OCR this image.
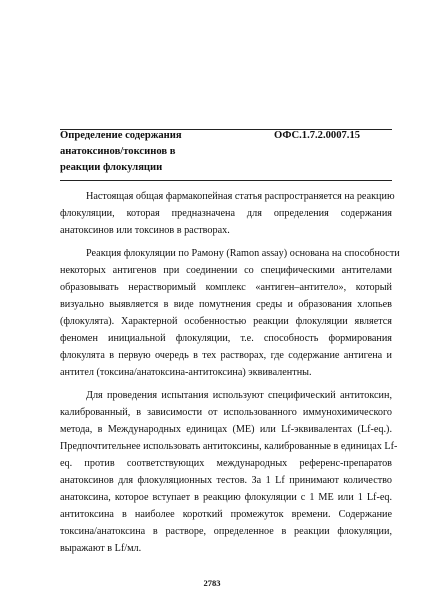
Определение содержания
анатоксинов/токсинов в
реакции флокуляции
ОФС.1.7.2.0007.15
Настоящая общая фармакопейная статья распространяется на реакцию
флокуляции, которая предназначена для определения содержания
анатоксинов или токсинов в растворах.
Реакция флокуляции по Рамону (Ramon assay) основана на способности
некоторых антигенов при соединении со специфическими антителами
образовывать нерастворимый комплекс «антиген–антитело», который
визуально выявляется в виде помутнения среды и образования хлопьев
(флокулята). Характерной особенностью реакции флокуляции является
феномен инициальной флокуляции, т.е. способность формирования
флокулята в первую очередь в тех растворах, где содержание антигена и
антител (токсина/анатоксина-антитоксина) эквивалентны.
Для проведения испытания используют специфический антитоксин,
калиброванный, в зависимости от использованного иммунохимического
метода, в Международных единицах (МЕ) или Lf-эквивалентах (Lf-eq.).
Предпочтительнее использовать антитоксины, калиброванные в единицах Lf-
eq. против соответствующих международных референс-препаратов
анатоксинов для флокуляционных тестов. За 1 Lf принимают количество
анатоксина, которое вступает в реакцию флокуляции с 1 МЕ или 1 Lf-eq.
антитоксина в наиболее короткий промежуток времени. Содержание
токсина/анатоксина в растворе, определенное в реакции флокуляции,
выражают в Lf/мл.
2783
